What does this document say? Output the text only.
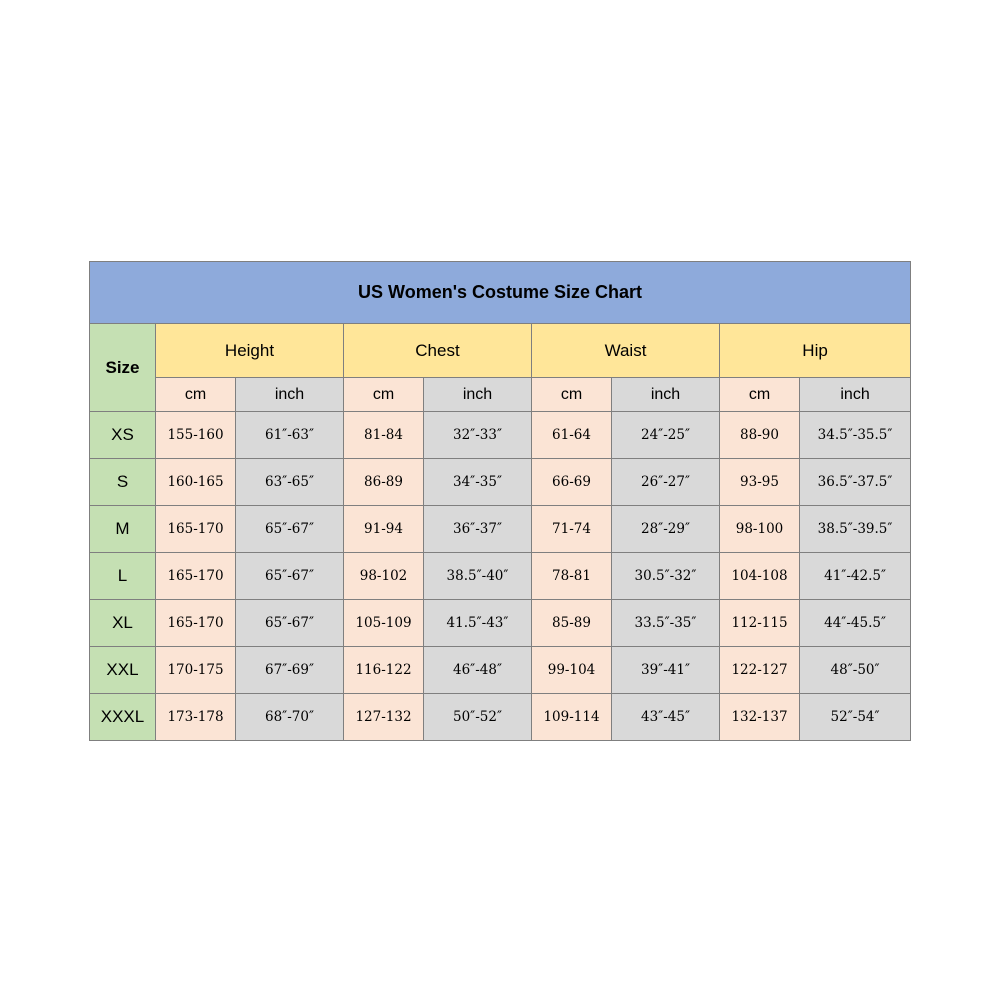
US Women's Costume Size Chart								
Size	Height		Chest		Waist		Hip	
	cm	inch	cm	inch	cm	inch	cm	inch
XS	155-160	61″-63″	81-84	32″-33″	61-64	24″-25″	88-90	34.5″-35.5″
S	160-165	63″-65″	86-89	34″-35″	66-69	26″-27″	93-95	36.5″-37.5″
M	165-170	65″-67″	91-94	36″-37″	71-74	28″-29″	98-100	38.5″-39.5″
L	165-170	65″-67″	98-102	38.5″-40″	78-81	30.5″-32″	104-108	41″-42.5″
XL	165-170	65″-67″	105-109	41.5″-43″	85-89	33.5″-35″	112-115	44″-45.5″
XXL	170-175	67″-69″	116-122	46″-48″	99-104	39″-41″	122-127	48″-50″
XXXL	173-178	68″-70″	127-132	50″-52″	109-114	43″-45″	132-137	52″-54″
